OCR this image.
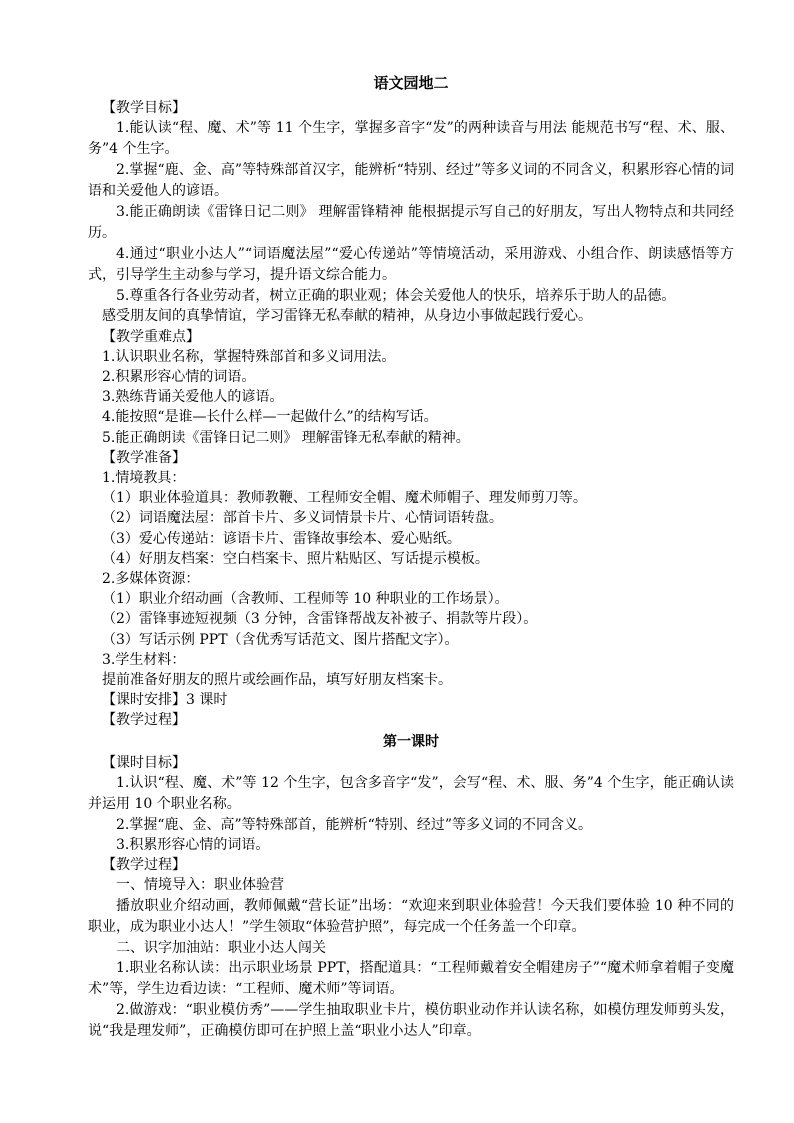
语文园地二

【教学目标】

1.能认读“程、魔、术”等 11 个生字，掌握多音字“发”的两种读音与用法 能规范书写“程、术、服、务”4 个生字。

2.掌握“鹿、金、高”等特殊部首汉字，能辨析“特别、经过”等多义词的不同含义，积累形容心情的词语和关爱他人的谚语。

3.能正确朗读《雷锋日记二则》 理解雷锋精神 能根据提示写自己的好朋友，写出人物特点和共同经历。

4.通过“职业小达人”“词语魔法屋”“爱心传递站”等情境活动，采用游戏、小组合作、朗读感悟等方式，引导学生主动参与学习，提升语文综合能力。

5.尊重各行各业劳动者，树立正确的职业观；体会关爱他人的快乐，培养乐于助人的品德。

感受朋友间的真挚情谊，学习雷锋无私奉献的精神，从身边小事做起践行爱心。

【教学重难点】

1.认识职业名称，掌握特殊部首和多义词用法。

2.积累形容心情的词语。

3.熟练背诵关爱他人的谚语。

4.能按照“是谁—长什么样—一起做什么”的结构写话。

5.能正确朗读《雷锋日记二则》 理解雷锋无私奉献的精神。

【教学准备】

1.情境教具：

（1）职业体验道具：教师教鞭、工程师安全帽、魔术师帽子、理发师剪刀等。

（2）词语魔法屋：部首卡片、多义词情景卡片、心情词语转盘。

（3）爱心传递站：谚语卡片、雷锋故事绘本、爱心贴纸。

（4）好朋友档案：空白档案卡、照片粘贴区、写话提示模板。

2.多媒体资源：

（1）职业介绍动画（含教师、工程师等 10 种职业的工作场景）。

（2）雷锋事迹短视频（3 分钟，含雷锋帮战友补被子、捐款等片段）。

（3）写话示例 PPT（含优秀写话范文、图片搭配文字）。

3.学生材料：

提前准备好朋友的照片或绘画作品，填写好朋友档案卡。

【课时安排】3 课时

【教学过程】

第一课时

【课时目标】

1.认识“程、魔、术”等 12 个生字，包含多音字“发”，会写“程、术、服、务”4 个生字，能正确认读并运用 10 个职业名称。

2.掌握“鹿、金、高”等特殊部首，能辨析“特别、经过”等多义词的不同含义。

3.积累形容心情的词语。

【教学过程】

一、情境导入：职业体验营

播放职业介绍动画，教师佩戴“营长证”出场：“欢迎来到职业体验营！今天我们要体验 10 种不同的职业，成为职业小达人！”学生领取“体验营护照”，每完成一个任务盖一个印章。

二、识字加油站：职业小达人闯关

1.职业名称认读：出示职业场景 PPT，搭配道具：“工程师戴着安全帽建房子”“魔术师拿着帽子变魔术”等，学生边看边读：“工程师、魔术师”等词语。

2.做游戏：“职业模仿秀”——学生抽取职业卡片，模仿职业动作并认读名称，如模仿理发师剪头发，说“我是理发师”，正确模仿即可在护照上盖“职业小达人”印章。
